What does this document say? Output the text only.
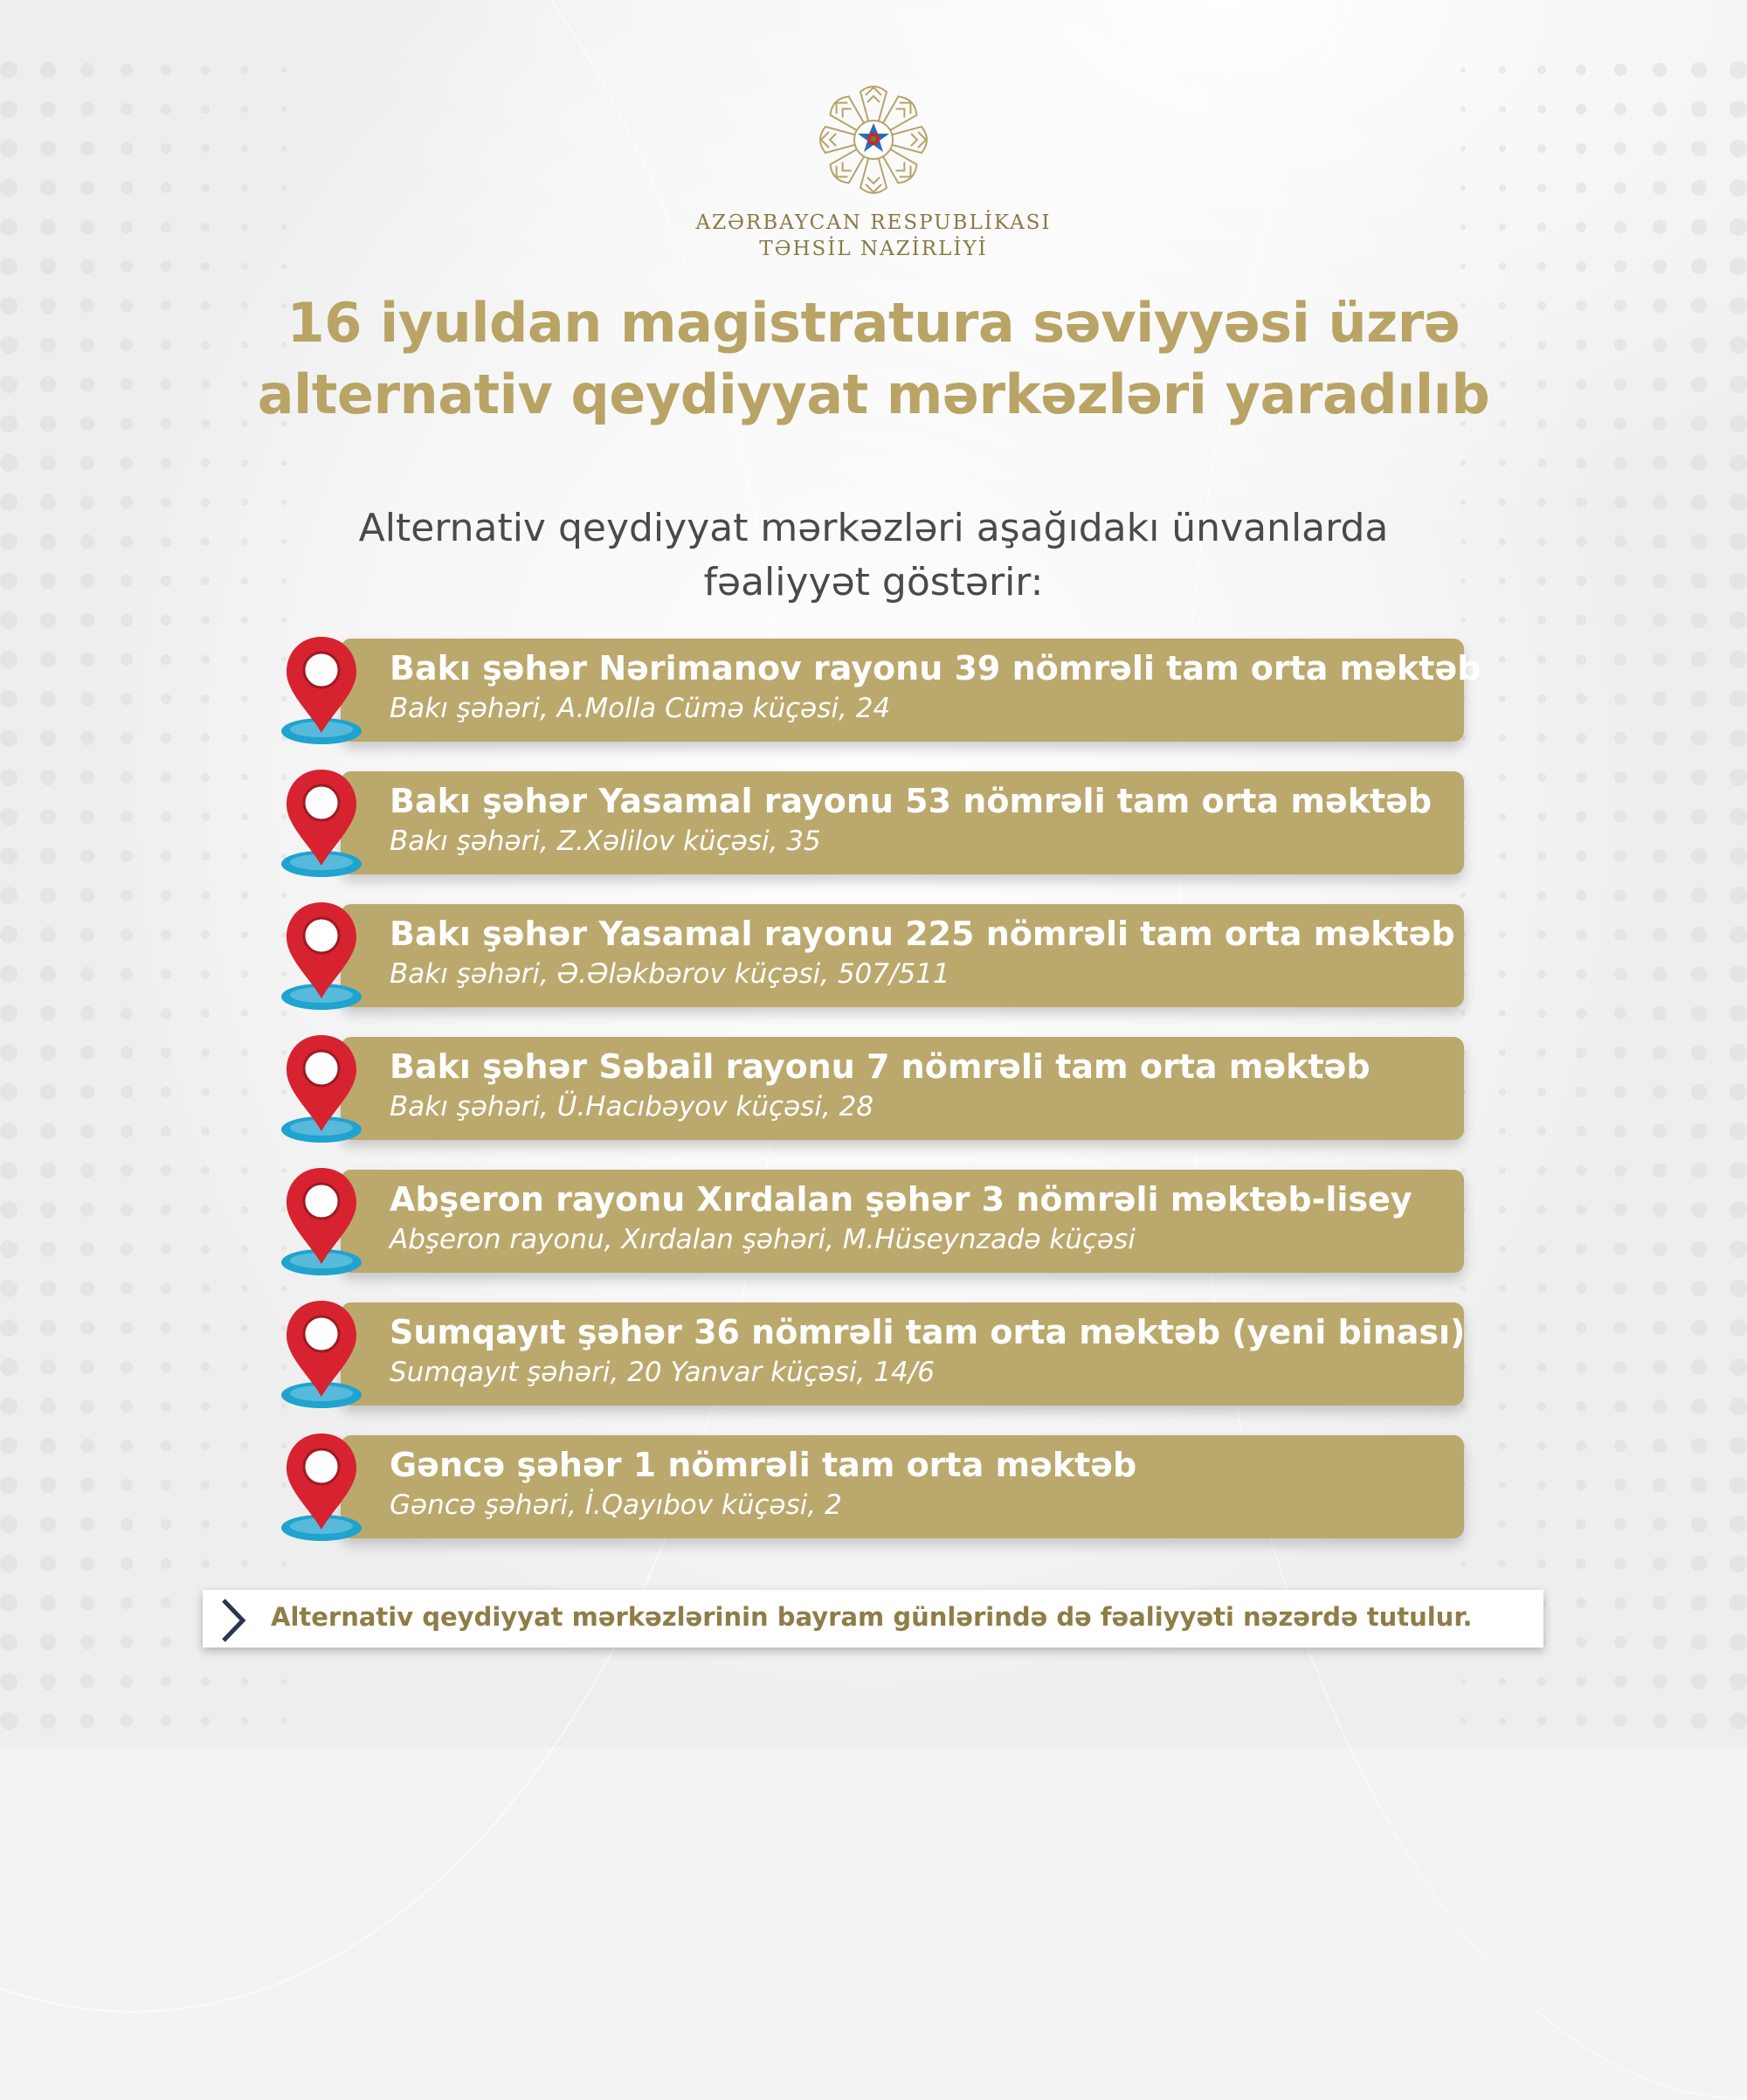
AZƏRBAYCAN RESPUBLİKASI
TƏHSİL NAZİRLİYİ
16 iyuldan magistratura səviyyəsi üzrə
alternativ qeydiyyat mərkəzləri yaradılıb
Alternativ qeydiyyat mərkəzləri aşağıdakı ünvanlarda
fəaliyyət göstərir:
Bakı şəhər Nərimanov rayonu 39 nömrəli tam orta məktəb
Bakı şəhəri, A.Molla Cümə küçəsi, 24
Bakı şəhər Yasamal rayonu 53 nömrəli tam orta məktəb
Bakı şəhəri, Z.Xəlilov küçəsi, 35
Bakı şəhər Yasamal rayonu 225 nömrəli tam orta məktəb
Bakı şəhəri, Ə.Ələkbərov küçəsi, 507/511
Bakı şəhər Səbail rayonu 7 nömrəli tam orta məktəb
Bakı şəhəri, Ü.Hacıbəyov küçəsi, 28
Abşeron rayonu Xırdalan şəhər 3 nömrəli məktəb-lisey
Abşeron rayonu, Xırdalan şəhəri, M.Hüseynzadə küçəsi
Sumqayıt şəhər 36 nömrəli tam orta məktəb (yeni binası)
Sumqayıt şəhəri, 20 Yanvar küçəsi, 14/6
Gəncə şəhər 1 nömrəli tam orta məktəb
Gəncə şəhəri, İ.Qayıbov küçəsi, 2
Alternativ qeydiyyat mərkəzlərinin bayram günlərində də fəaliyyəti nəzərdə tutulur.
